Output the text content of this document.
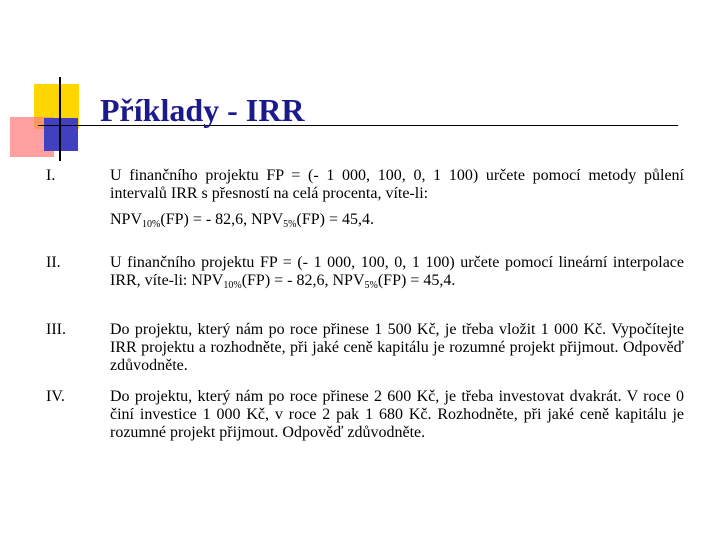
Příklady - IRR
I.	U finančního projektu FP = (- 1 000, 100, 0, 1 100) určete pomocí metody půlení intervalů IRR s přesností na celá procenta, víte-li:

$NPV_{10\%}(FP)$ = - 82,6, $NPV_{5\%}(FP) = 45,4$.

II.	U finančního projektu FP = (- 1 000, 100, 0, 1 100) určete pomocí lineární interpolace IRR, víte-li: $NPV_{10\%}(FP)$ = - 82,6, $NPV_{5\%}(FP) = 45,4$.

III.	Do projektu, který nám po roce přinese 1 500 Kč, je třeba vložit 1 000 Kč. Vypočítejte IRR projektu a rozhodněte, při jaké ceně kapitálu je rozumné projekt přijmout. Odpověď zdůvodněte.

IV.	Do projektu, který nám po roce přinese 2 600 Kč, je třeba investovat dvakrát. V roce 0 činí investice 1 000 Kč, v roce 2 pak 1 680 Kč. Rozhodněte, při jaké ceně kapitálu je rozumné projekt přijmout. Odpověď zdůvodněte.
